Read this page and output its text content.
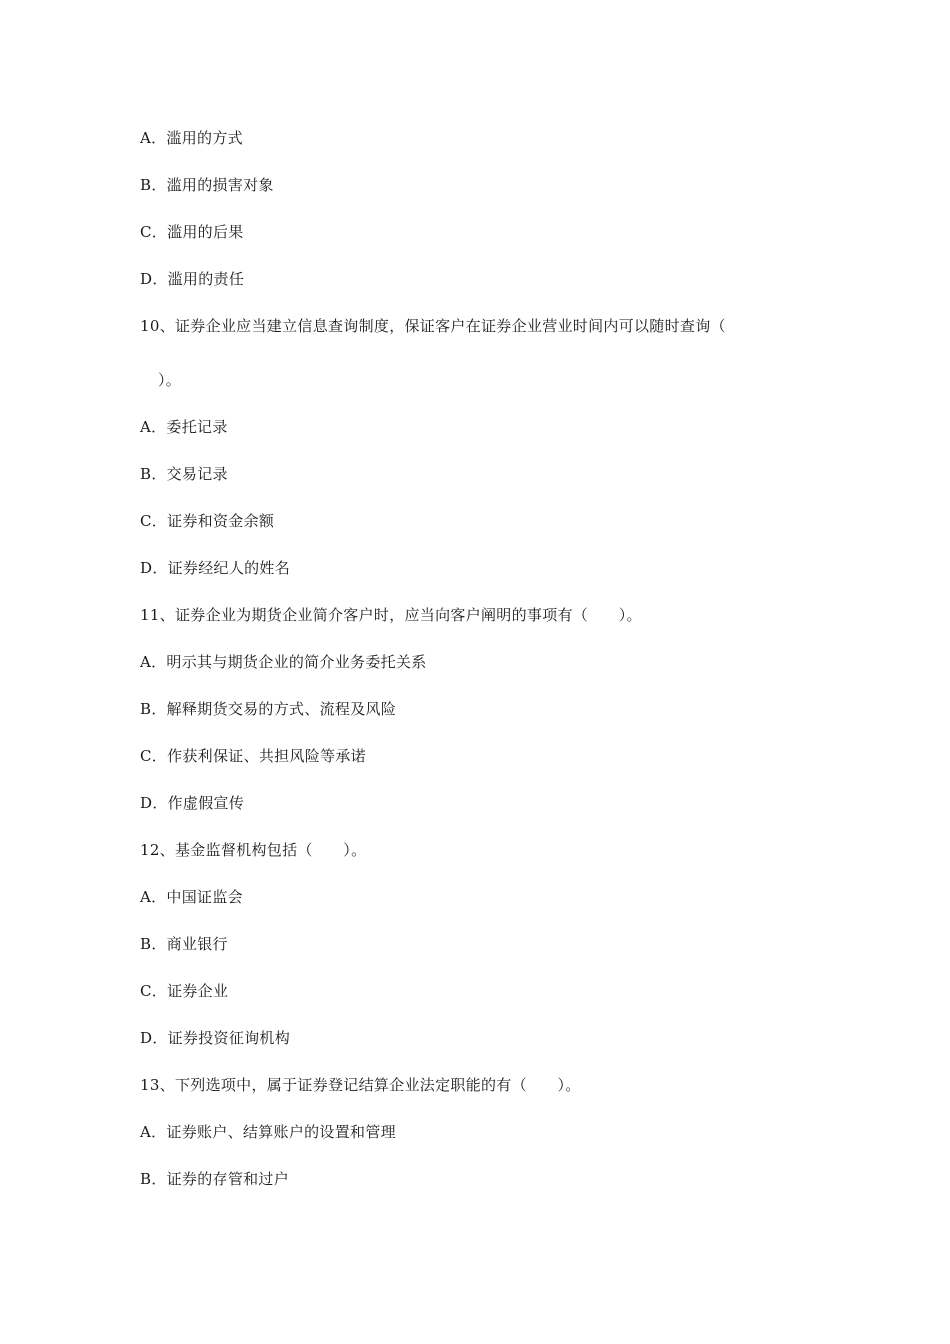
A．滥用的方式
B．滥用的损害对象
C．滥用的后果
D．滥用的责任
10、证券企业应当建立信息查询制度，保证客户在证券企业营业时间内可以随时查询（
）。
A．委托记录
B．交易记录
C．证券和资金余额
D．证券经纪人的姓名
11、证券企业为期货企业简介客户时，应当向客户阐明的事项有（　　）。
A．明示其与期货企业的简介业务委托关系
B．解释期货交易的方式、流程及风险
C．作获利保证、共担风险等承诺
D．作虚假宣传
12、基金监督机构包括（　　）。
A．中国证监会
B．商业银行
C．证券企业
D．证券投资征询机构
13、下列选项中，属于证券登记结算企业法定职能的有（　　）。
A．证券账户、结算账户的设置和管理
B．证券的存管和过户
